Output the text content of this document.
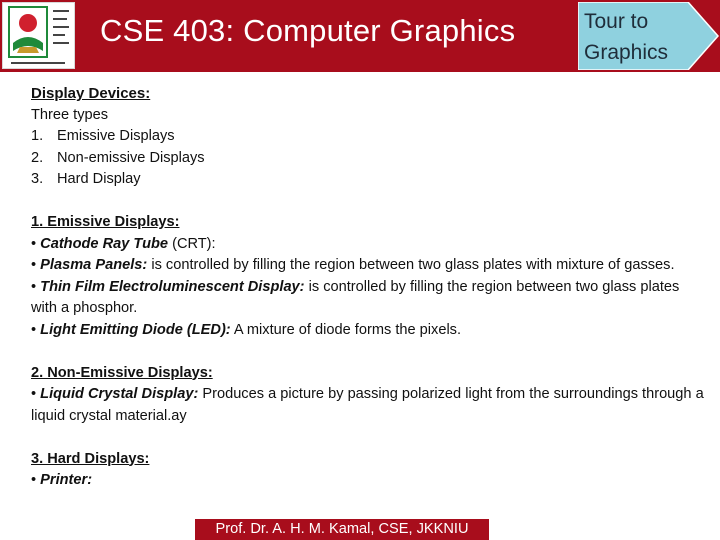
CSE 403: Computer Graphics	Tour to
Graphics

Display Devices:

Three types

1. Emissive Displays

2. Non-emissive Displays

3. Hard Display

1. Emissive Displays:

• Cathode Ray Tube (CRT):

• Plasma Panels: is controlled by filling the region between two glass plates with mixture of gasses.

• Thin Film Electroluminescent Display: is controlled by filling the region between two glass plates with a phosphor.

• Light Emitting Diode (LED): A mixture of diode forms the pixels.

2. Non-Emissive Displays:

• Liquid Crystal Display: Produces a picture by passing polarized light from the surroundings through a liquid crystal material.ay

3. Hard Displays:

• Printer:

Prof. Dr. A. H. M. Kamal, CSE, JKKNIU
